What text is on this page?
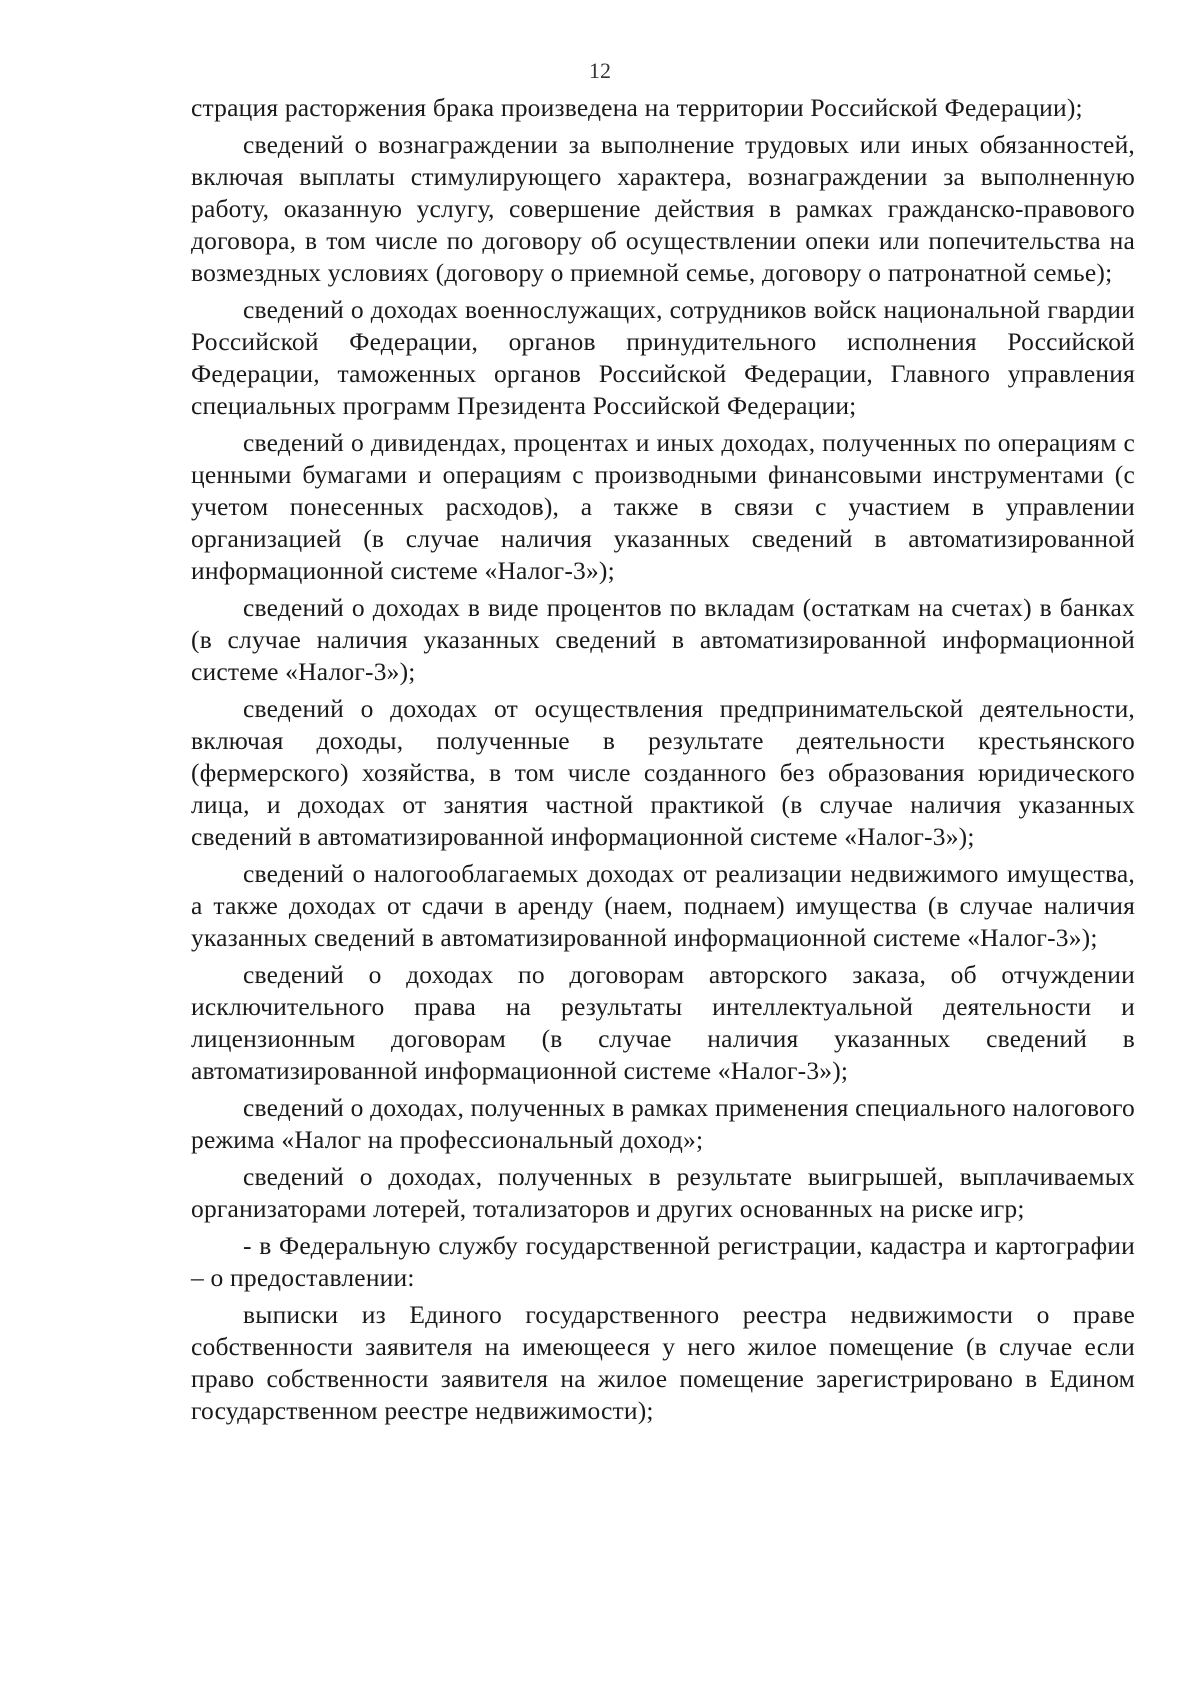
12

страция расторжения брака произведена на территории Российской Федерации);

сведений о вознаграждении за выполнение трудовых или иных обязанностей, включая выплаты стимулирующего характера, вознаграждении за выполненную работу, оказанную услугу, совершение действия в рамках гражданско-правового договора, в том числе по договору об осуществлении опеки или попечительства на возмездных условиях (договору о приемной семье, договору о патронатной семье);

сведений о доходах военнослужащих, сотрудников войск национальной гвардии Российской Федерации, органов принудительного исполнения Российской Федерации, таможенных органов Российской Федерации, Главного управления специальных программ Президента Российской Федерации;

сведений о дивидендах, процентах и иных доходах, полученных по операциям с ценными бумагами и операциям с производными финансовыми инструментами (с учетом понесенных расходов), а также в связи с участием в управлении организацией (в случае наличия указанных сведений в автоматизированной информационной системе «Налог-3»);

сведений о доходах в виде процентов по вкладам (остаткам на счетах) в банках (в случае наличия указанных сведений в автоматизированной информационной системе «Налог-3»);

сведений о доходах от осуществления предпринимательской деятельности, включая доходы, полученные в результате деятельности крестьянского (фермерского) хозяйства, в том числе созданного без образования юридического лица, и доходах от занятия частной практикой (в случае наличия указанных сведений в автоматизированной информационной системе «Налог-3»);

сведений о налогооблагаемых доходах от реализации недвижимого имущества, а также доходах от сдачи в аренду (наем, поднаем) имущества (в случае наличия указанных сведений в автоматизированной информационной системе «Налог-3»);

сведений о доходах по договорам авторского заказа, об отчуждении исключительного права на результаты интеллектуальной деятельности и лицензионным договорам (в случае наличия указанных сведений в автоматизированной информационной системе «Налог-3»);

сведений о доходах, полученных в рамках применения специального налогового режима «Налог на профессиональный доход»;

сведений о доходах, полученных в результате выигрышей, выплачиваемых организаторами лотерей, тотализаторов и других основанных на риске игр;

- в Федеральную службу государственной регистрации, кадастра и картографии – о предоставлении:

выписки из Единого государственного реестра недвижимости о праве собственности заявителя на имеющееся у него жилое помещение (в случае если право собственности заявителя на жилое помещение зарегистрировано в Едином государственном реестре недвижимости);
